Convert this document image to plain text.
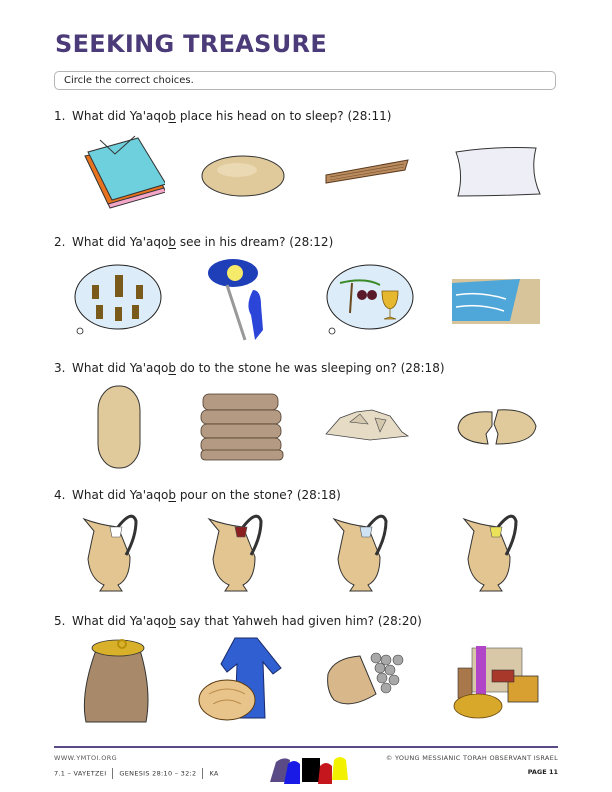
SEEKING TREASURE
Circle the correct choices.
1. What did Ya'aqob place his head on to sleep? (28:11)
2. What did Ya'aqob see in his dream? (28:12)
3. What did Ya'aqob do to the stone he was sleeping on? (28:18)
4. What did Ya'aqob pour on the stone? (28:18)
5. What did Ya'aqob say that Yahweh had given him? (28:20)
WWW.YMTOI.ORG
7.1 – VAYETZEI GENESIS 28:10 – 32:2 KA
© YOUNG MESSIANIC TORAH OBSERVANT ISRAEL
PAGE 11
